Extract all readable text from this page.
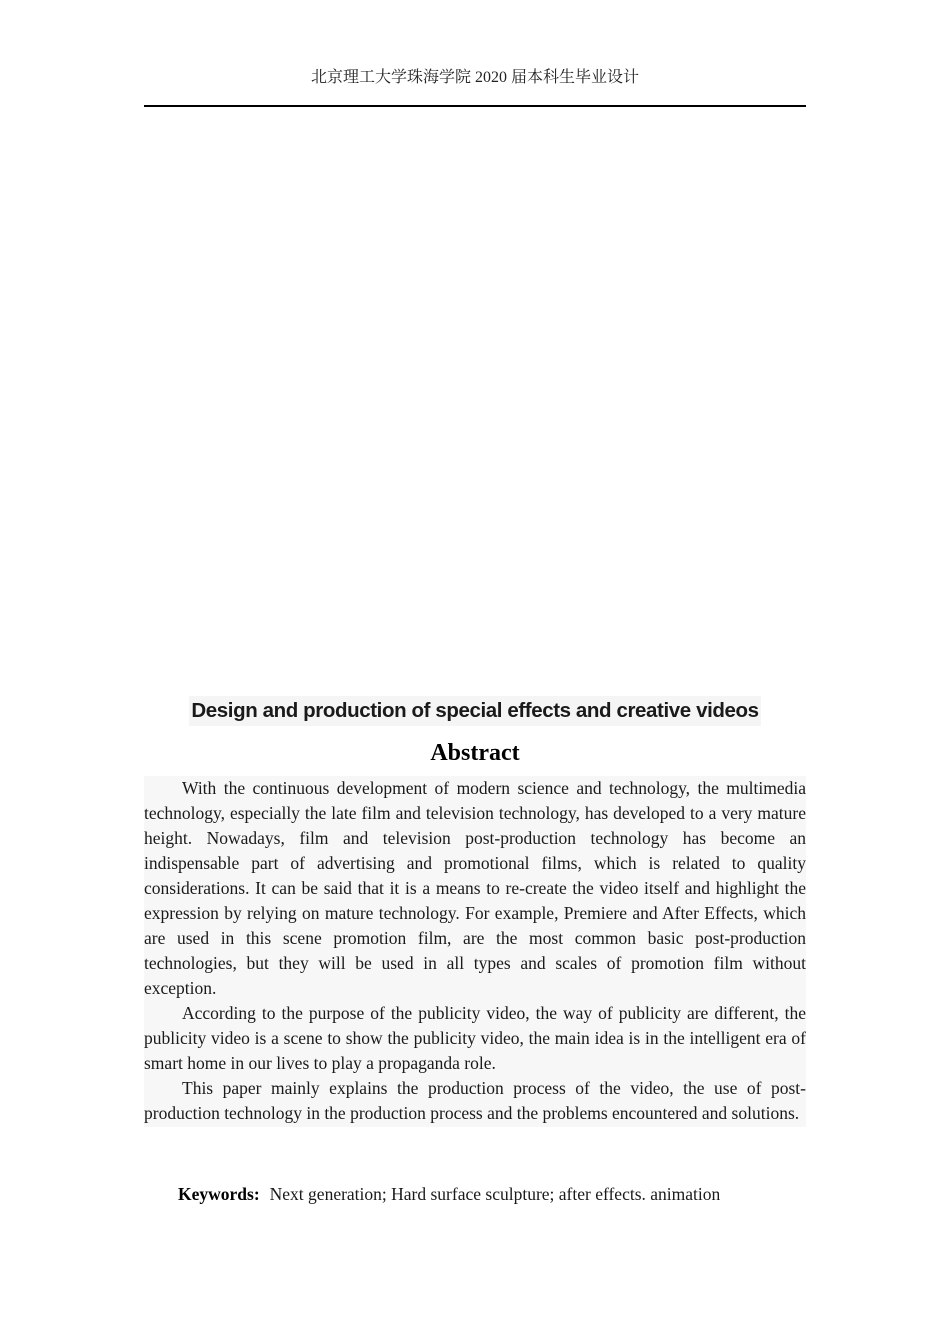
北京理工大学珠海学院 2020 届本科生毕业设计
Design and production of special effects and creative videos
Abstract

With the continuous development of modern science and technology, the multimedia technology, especially the late film and television technology, has developed to a very mature height. Nowadays, film and television post-production technology has become an indispensable part of advertising and promotional films, which is related to quality considerations. It can be said that it is a means to re-create the video itself and highlight the expression by relying on mature technology. For example, Premiere and After Effects, which are used in this scene promotion film, are the most common basic post-production technologies, but they will be used in all types and scales of promotion film without exception.

According to the purpose of the publicity video, the way of publicity are different, the publicity video is a scene to show the publicity video, the main idea is in the intelligent era of smart home in our lives to play a propaganda role.

This paper mainly explains the production process of the video, the use of post-production technology in the production process and the problems encountered and solutions.

Keywords: Next generation; Hard surface sculpture; after effects. animation
